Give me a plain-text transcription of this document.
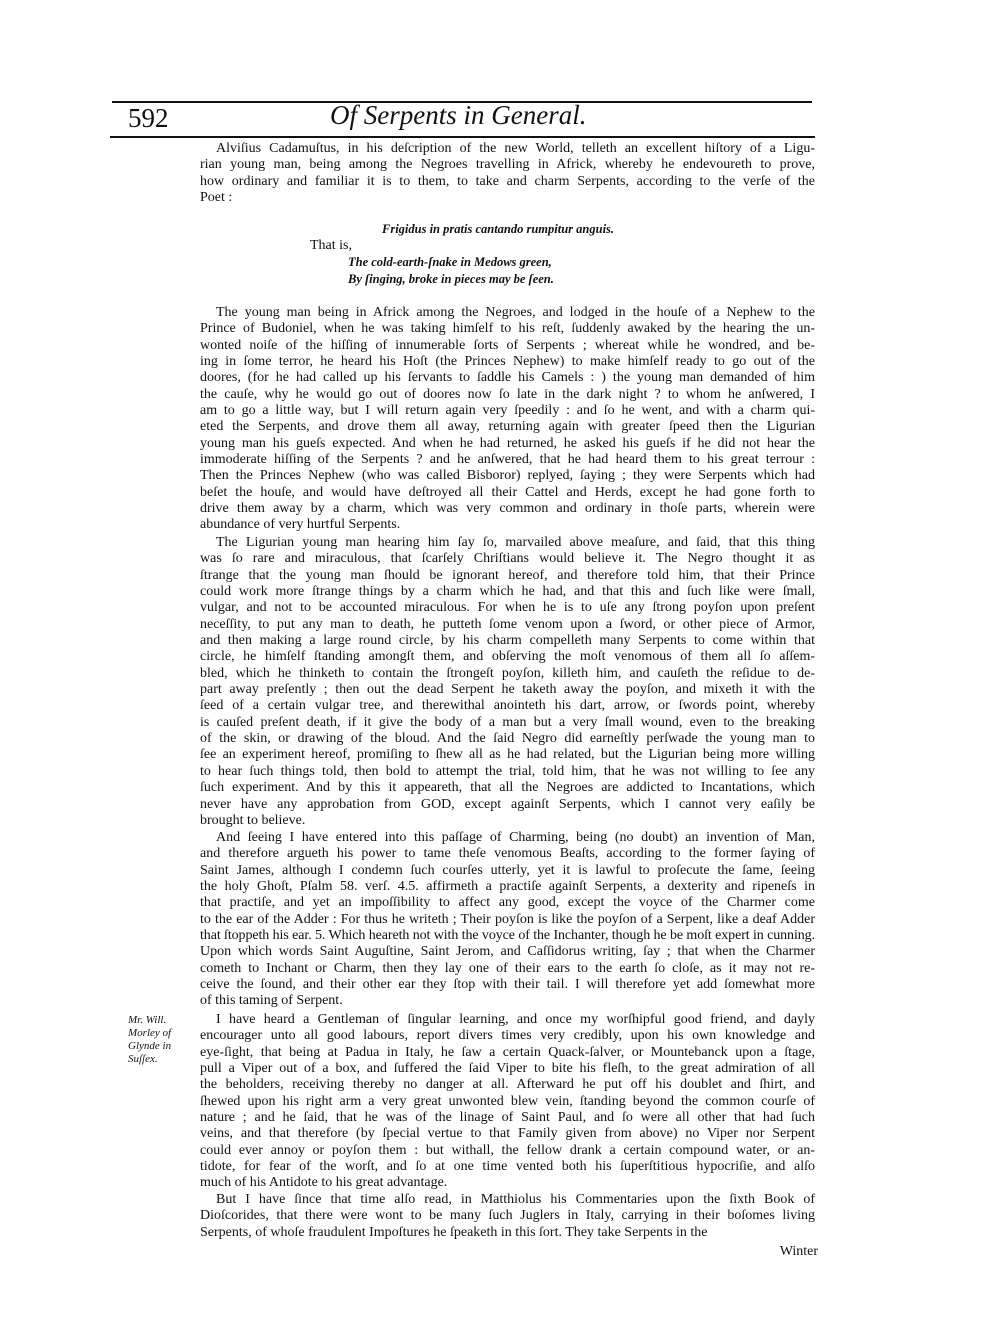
592	Of Serpents in General.
Alviſius Cadamuſtus, in his deſcription of the new World, telleth an excellent hiſtory of a Ligu-
rian young man, being among the Negroes travelling in Africk, whereby he endevoureth to prove,
how ordinary and familiar it is to them, to take and charm Serpents, according to the verſe of the
Poet :
Frigidus in pratis cantando rumpitur anguis.
That is,
The cold-earth-ſnake in Medows green,
By ſinging, broke in pieces may be ſeen.
The young man being in Africk among the Negroes, and lodged in the houſe of a Nephew to the
Prince of Budoniel, when he was taking himſelf to his reſt, ſuddenly awaked by the hearing the un-
wonted noiſe of the hiſſing of innumerable ſorts of Serpents ; whereat while he wondred, and be-
ing in ſome terror, he heard his Hoſt (the Princes Nephew) to make himſelf ready to go out of the
doores, (for he had called up his ſervants to ſaddle his Camels : ) the young man demanded of him
the cauſe, why he would go out of doores now ſo late in the dark night ? to whom he anſwered, I
am to go a little way, but I will return again very ſpeedily : and ſo he went, and with a charm qui-
eted the Serpents, and drove them all away, returning again with greater ſpeed then the Ligurian
young man his gueſs expected. And when he had returned, he asked his gueſs if he did not hear the
immoderate hiſſing of the Serpents ? and he anſwered, that he had heard them to his great terrour :
Then the Princes Nephew (who was called Bisboror) replyed, ſaying ; they were Serpents which had
beſet the houſe, and would have deſtroyed all their Cattel and Herds, except he had gone forth to
drive them away by a charm, which was very common and ordinary in thoſe parts, wherein were
abundance of very hurtful Serpents.
The Ligurian young man hearing him ſay ſo, marvailed above meaſure, and ſaid, that this thing
was ſo rare and miraculous, that ſcarſely Chriſtians would believe it. The Negro thought it as
ſtrange that the young man ſhould be ignorant hereof, and therefore told him, that their Prince
could work more ſtrange things by a charm which he had, and that this and ſuch like were ſmall,
vulgar, and not to be accounted miraculous. For when he is to uſe any ſtrong poyſon upon preſent
neceſſity, to put any man to death, he putteth ſome venom upon a ſword, or other piece of Armor,
and then making a large round circle, by his charm compelleth many Serpents to come within that
circle, he himſelf ſtanding amongſt them, and obſerving the moſt venomous of them all ſo aſſem-
bled, which he thinketh to contain the ſtrongeſt poyſon, killeth him, and cauſeth the reſidue to de-
part away preſently ; then out the dead Serpent he taketh away the poyſon, and mixeth it with the
ſeed of a certain vulgar tree, and therewithal anointeth his dart, arrow, or ſwords point, whereby
is cauſed preſent death, if it give the body of a man but a very ſmall wound, even to the breaking
of the skin, or drawing of the bloud. And the ſaid Negro did earneſtly perſwade the young man to
ſee an experiment hereof, promiſing to ſhew all as he had related, but the Ligurian being more willing
to hear ſuch things told, then bold to attempt the trial, told him, that he was not willing to ſee any
ſuch experiment. And by this it appeareth, that all the Negroes are addicted to Incantations, which
never have any approbation from GOD, except againſt Serpents, which I cannot very eaſily be
brought to believe.
And ſeeing I have entered into this paſſage of Charming, being (no doubt) an invention of Man,
and therefore argueth his power to tame theſe venomous Beaſts, according to the former ſaying of
Saint James, although I condemn ſuch courſes utterly, yet it is lawful to proſecute the ſame, ſeeing
the holy Ghoſt, Pſalm 58. verſ. 4.5. affirmeth a practiſe againſt Serpents, a dexterity and ripeneſs in
that practiſe, and yet an impoſſibility to affect any good, except the voyce of the Charmer come
to the ear of the Adder : For thus he writeth ; Their poyſon is like the poyſon of a Serpent, like a deaf Adder
that ſtoppeth his ear. 5. Which heareth not with the voyce of the Inchanter, though he be moſt expert in cunning.
Upon which words Saint Auguſtine, Saint Jerom, and Caſſidorus writing, ſay ; that when the Charmer
cometh to Inchant or Charm, then they lay one of their ears to the earth ſo cloſe, as it may not re-
ceive the ſound, and their other ear they ſtop with their tail. I will therefore yet add ſomewhat more
of this taming of Serpent.
I have heard a Gentleman of ſingular learning, and once my worſhipful good friend, and dayly
encourager unto all good labours, report divers times very credibly, upon his own knowledge and
eye-ſight, that being at Padua in Italy, he ſaw a certain Quack-ſalver, or Mountebanck upon a ſtage,
pull a Viper out of a box, and ſuffered the ſaid Viper to bite his fleſh, to the great admiration of all
the beholders, receiving thereby no danger at all. Afterward he put off his doublet and ſhirt, and
ſhewed upon his right arm a very great unwonted blew vein, ſtanding beyond the common courſe of
nature ; and he ſaid, that he was of the linage of Saint Paul, and ſo were all other that had ſuch
veins, and that therefore (by ſpecial vertue to that Family given from above) no Viper nor Serpent
could ever annoy or poyſon them : but withall, the fellow drank a certain compound water, or an-
tidote, for fear of the worſt, and ſo at one time vented both his ſuperſtitious hypocriſie, and alſo
much of his Antidote to his great advantage.
But I have ſince that time alſo read, in Matthiolus his Commentaries upon the ſixth Book of
Dioſcorides, that there were wont to be many ſuch Juglers in Italy, carrying in their boſomes living
Serpents, of whoſe fraudulent Impoſtures he ſpeaketh in this ſort. They take Serpents in the
Mr. Will.
Morley of
Glynde in
Suſſex.
Winter
